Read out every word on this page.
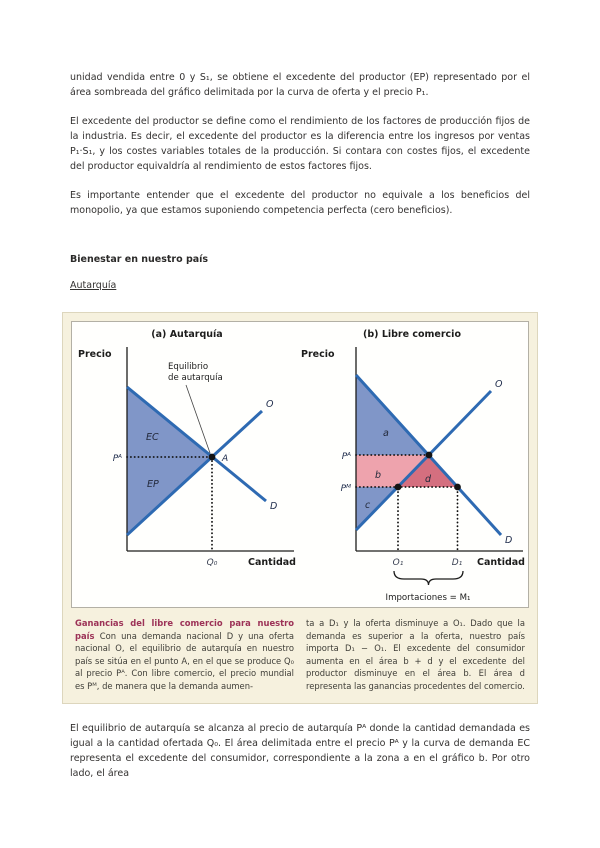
unidad vendida entre 0 y S₁, se obtiene el excedente del productor (EP) representado por el área sombreada del gráfico delimitada por la curva de oferta y el precio P₁.

El excedente del productor se define como el rendimiento de los factores de producción fijos de la industria. Es decir, el excedente del productor es la diferencia entre los ingresos por ventas P₁·S₁, y los costes variables totales de la producción. Si contara con costes fijos, el excedente del productor equivaldría al rendimiento de estos factores fijos.

Es importante entender que el excedente del productor no equivale a los beneficios del monopolio, ya que estamos suponiendo competencia perfecta (cero beneficios).

Bienestar en nuestro país

Autarquía

(a) Autarquía
Precio
Cantidad
Equilibrio
de autarquía
O
D
EC
EP
Pᴬ	A
Q₀
(b) Libre comercio
Precio
Cantidad
O
D
a
b
c
d
Pᴬ
Pᴹ
O₁	D₁
Importaciones = M₁

Ganancias del libre comercio para nuestro país Con una demanda nacional D y una oferta nacional O, el equilibrio de autarquía en nuestro país se sitúa en el punto A, en el que se produce Q₀ al precio Pᴬ. Con libre comercio, el precio mundial es Pᴹ, de manera que la demanda aumen-

ta a D₁ y la oferta disminuye a O₁. Dado que la demanda es superior a la oferta, nuestro país importa D₁ − O₁. El excedente del consumidor aumenta en el área b + d y el excedente del productor disminuye en el área b. El área d representa las ganancias procedentes del comercio.

El equilibrio de autarquía se alcanza al precio de autarquía Pᴬ donde la cantidad demandada es igual a la cantidad ofertada Q₀. El área delimitada entre el precio Pᴬ y la curva de demanda EC representa el excedente del consumidor, correspondiente a la zona a en el gráfico b. Por otro lado, el área
